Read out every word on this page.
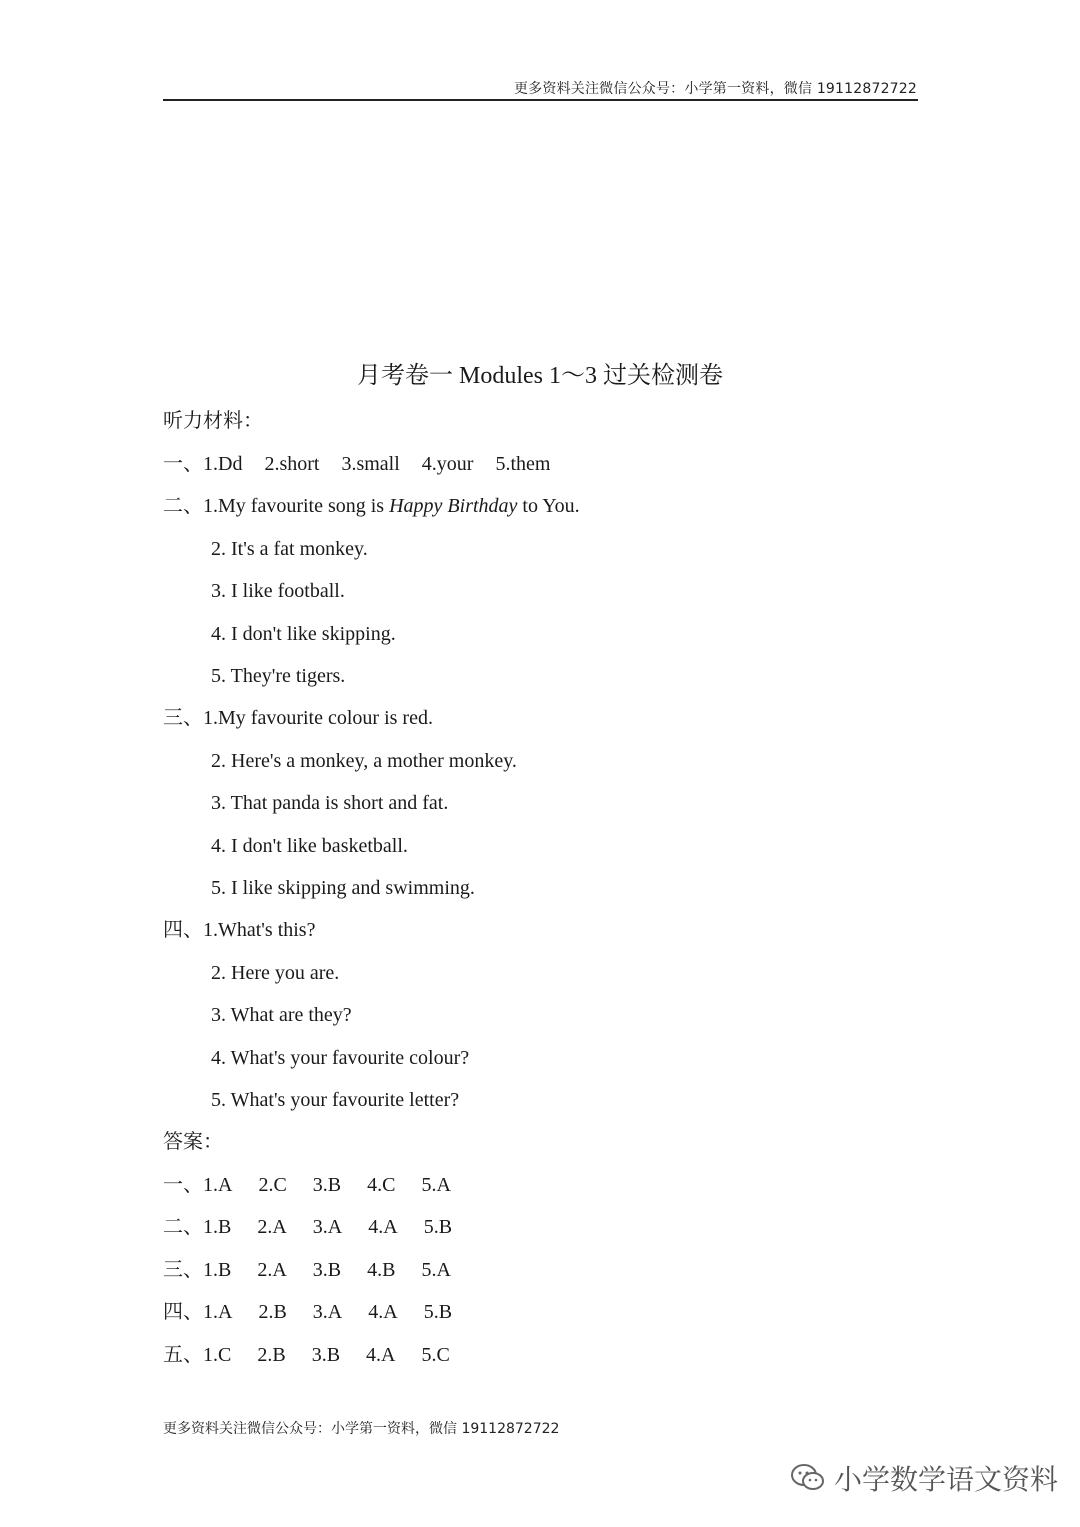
更多资料关注微信公众号：小学第一资料，微信 19112872722
月考卷一 Modules 1～3 过关检测卷
听力材料：
一、1.Dd 2.short 3.small 4.your 5.them
二、1.My favourite song is Happy Birthday to You.
2. It's a fat monkey.
3. I like football.
4. I don't like skipping.
5. They're tigers.
三、1.My favourite colour is red.
2. Here's a monkey, a mother monkey.
3. That panda is short and fat.
4. I don't like basketball.
5. I like skipping and swimming.
四、1.What's this?
2. Here you are.
3. What are they?
4. What's your favourite colour?
5. What's your favourite letter?
答案：
一、1.A 2.C 3.B 4.C 5.A
二、1.B 2.A 3.A 4.A 5.B
三、1.B 2.A 3.B 4.B 5.A
四、1.A 2.B 3.A 4.A 5.B
五、1.C 2.B 3.B 4.A 5.C
更多资料关注微信公众号：小学第一资料，微信 19112872722
小学数学语文资料
